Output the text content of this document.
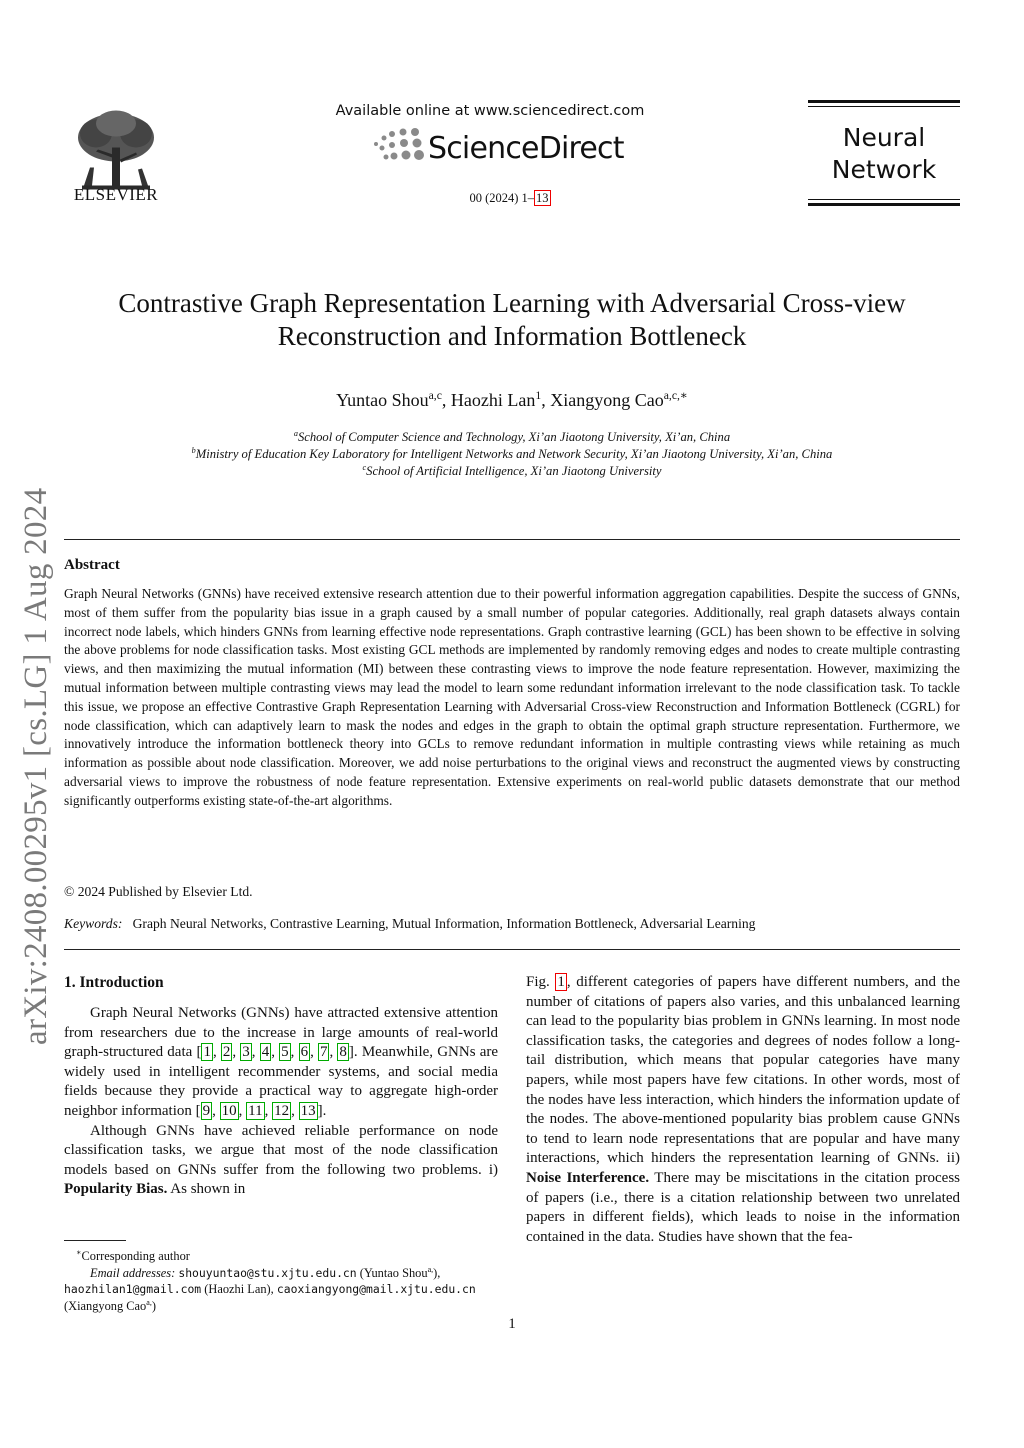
ELSEVIER
Available online at www.sciencedirect.com
ScienceDirect
00 (2024) 1– 13
Neural
Network
arXiv:2408.00295v1 [cs.LG] 1 Aug 2024
Contrastive Graph Representation Learning with Adversarial Cross-view
Reconstruction and Information Bottleneck
Yuntao Shou$^{a,c}$, Haozhi Lan$^1$, Xiangyong Cao$^{a,c,∗}$
$^a$School of Computer Science and Technology, Xi’an Jiaotong University, Xi’an, China
$^b$Ministry of Education Key Laboratory for Intelligent Networks and Network Security, Xi’an Jiaotong University, Xi’an, China
$^c$School of Artificial Intelligence, Xi’an Jiaotong University
Abstract
Graph Neural Networks (GNNs) have received extensive research attention due to their powerful information aggregation capabilities. Despite the success of GNNs, most of them suffer from the popularity bias issue in a graph caused by a small number of popular categories. Additionally, real graph datasets always contain incorrect node labels, which hinders GNNs from learning effective node representations. Graph contrastive learning (GCL) has been shown to be effective in solving the above problems for node classification tasks. Most existing GCL methods are implemented by randomly removing edges and nodes to create multiple contrasting views, and then maximizing the mutual information (MI) between these contrasting views to improve the node feature representation. However, maximizing the mutual information between multiple contrasting views may lead the model to learn some redundant information irrelevant to the node classification task. To tackle this issue, we propose an effective Contrastive Graph Representation Learning with Adversarial Cross-view Reconstruction and Information Bottleneck (CGRL) for node classification, which can adaptively learn to mask the nodes and edges in the graph to obtain the optimal graph structure representation. Furthermore, we innovatively introduce the information bottleneck theory into GCLs to remove redundant information in multiple contrasting views while retaining as much information as possible about node classification. Moreover, we add noise perturbations to the original views and reconstruct the augmented views by constructing adversarial views to improve the robustness of node feature representation. Extensive experiments on real-world public datasets demonstrate that our method significantly outperforms existing state-of-the-art algorithms.
© 2024 Published by Elsevier Ltd.
Keywords: Graph Neural Networks, Contrastive Learning, Mutual Information, Information Bottleneck, Adversarial Learning
1. Introduction

Graph Neural Networks (GNNs) have attracted extensive attention from researchers due to the increase in large amounts of real-world graph-structured data [ 1 , 2 , 3 , 4 , 5 , 6 , 7 , 8 ]. Meanwhile, GNNs are widely used in intelligent recommender systems, and social media fields because they provide a practical way to aggregate high-order neighbor information [ 9 , 10 , 11 , 12 , 13 ].

Although GNNs have achieved reliable performance on node classification tasks, we argue that most of the node classification models based on GNNs suffer from the following two problems. i) Popularity Bias. As shown in

Fig. 1 , different categories of papers have different numbers, and the number of citations of papers also varies, and this unbalanced learning can lead to the popularity bias problem in GNNs learning. In most node classification tasks, the categories and degrees of nodes follow a long-tail distribution, which means that popular categories have many papers, while most papers have few citations. In other words, most of the nodes have less interaction, which hinders the information update of the nodes. The above-mentioned popularity bias problem cause GNNs to tend to learn node representations that are popular and have many interactions, which hinders the representation learning of GNNs. ii) Noise Interference. There may be miscitations in the citation process of papers (i.e., there is a citation relationship between two unrelated papers in different fields), which leads to noise in the information contained in the data. Studies have shown that the fea-

∗Corresponding author
Email addresses: shouyuntao@stu.xjtu.edu.cn (Yuntao Shou$^{a,}$), haozhilan1@gmail.com (Haozhi Lan), caoxiangyong@mail.xjtu.edu.cn (Xiangyong Cao$^{a,}$)
1
